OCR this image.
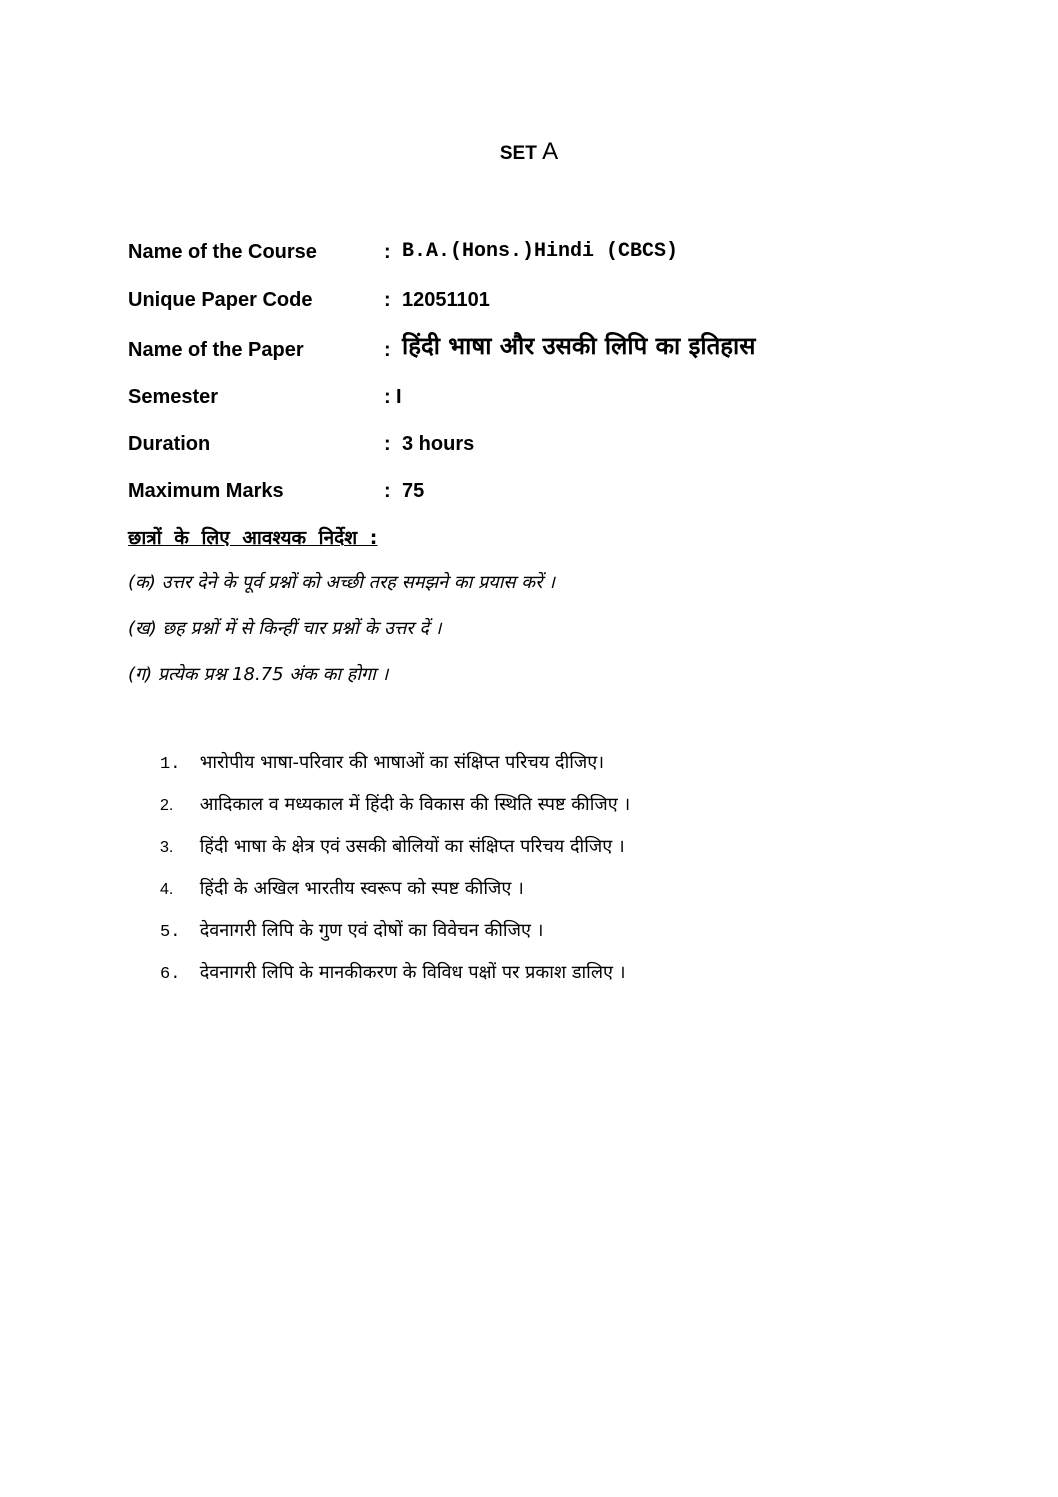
SET A
Name of the Course	: B.A.(Hons.)Hindi (CBCS)
Unique Paper Code	: 12051101
Name of the Paper	: हिंदी भाषा और उसकी लिपि का इतिहास
Semester	: I
Duration	: 3 hours
Maximum Marks	: 75
छात्रों के लिए आवश्यक निर्देश :
(क) उत्तर देने के पूर्व प्रश्नों को अच्छी तरह समझने का प्रयास करें ।
(ख) छह प्रश्नों में से किन्हीं चार प्रश्नों के उत्तर दें ।
(ग) प्रत्येक प्रश्न 18.75 अंक का होगा ।
1. भारोपीय भाषा-परिवार की भाषाओं का संक्षिप्त परिचय दीजिए।
2. आदिकाल व मध्यकाल में हिंदी के विकास की स्थिति स्पष्ट कीजिए ।
3. हिंदी भाषा के क्षेत्र एवं उसकी बोलियों का संक्षिप्त परिचय दीजिए ।
4. हिंदी के अखिल भारतीय स्वरूप को स्पष्ट कीजिए ।
5. देवनागरी लिपि के गुण एवं दोषों का विवेचन कीजिए ।
6. देवनागरी लिपि के मानकीकरण के विविध पक्षों पर प्रकाश डालिए ।
